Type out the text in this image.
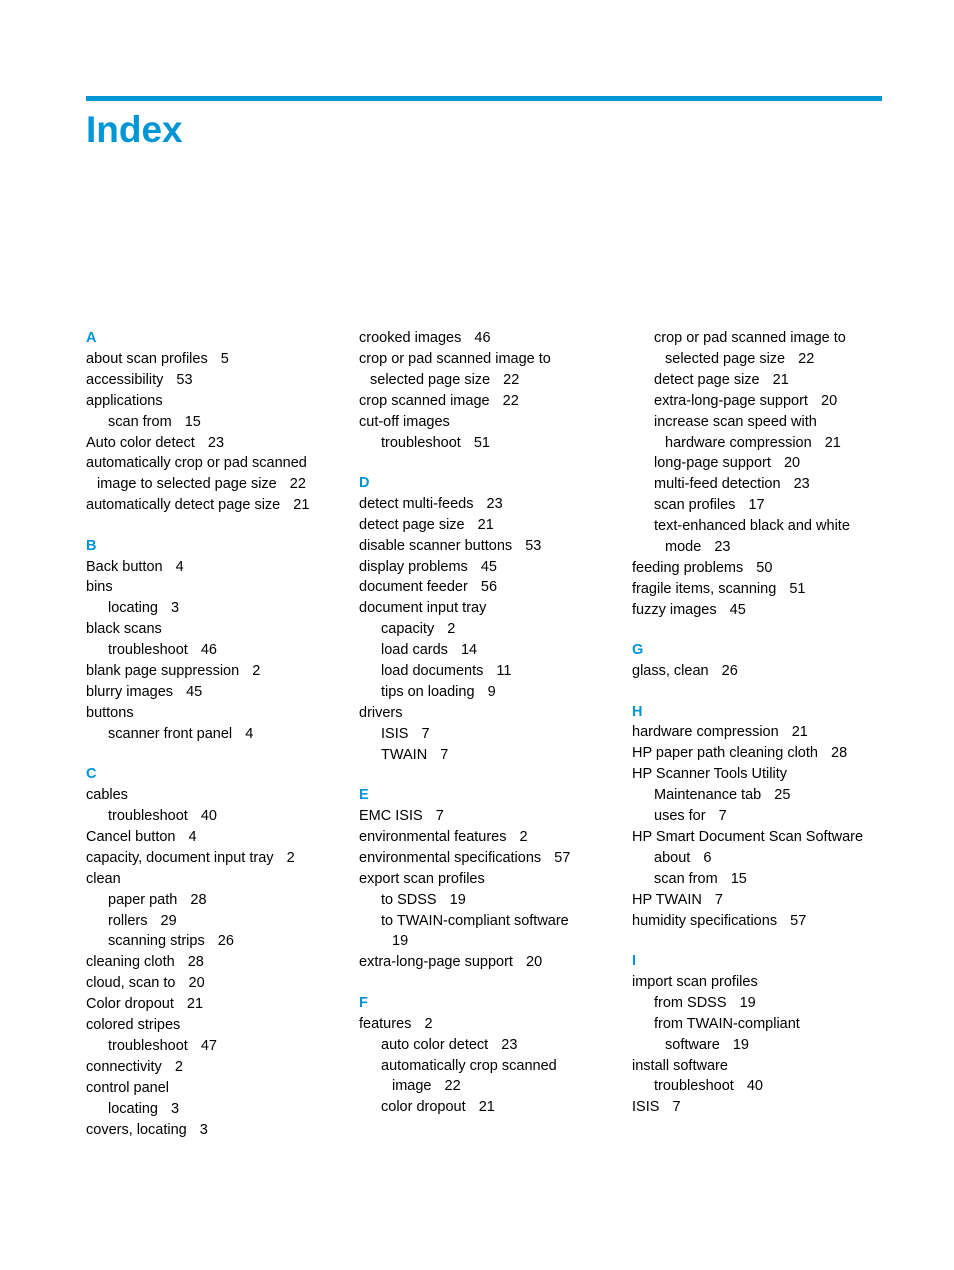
Index
A
about scan profiles 5
accessibility 53
applications
scan from 15
Auto color detect 23
automatically crop or pad scanned
image to selected page size 22
automatically detect page size 21
B
Back button 4
bins
locating 3
black scans
troubleshoot 46
blank page suppression 2
blurry images 45
buttons
scanner front panel 4
C
cables
troubleshoot 40
Cancel button 4
capacity, document input tray 2
clean
paper path 28
rollers 29
scanning strips 26
cleaning cloth 28
cloud, scan to 20
Color dropout 21
colored stripes
troubleshoot 47
connectivity 2
control panel
locating 3
covers, locating 3
crooked images 46
crop or pad scanned image to
selected page size 22
crop scanned image 22
cut-off images
troubleshoot 51
D
detect multi-feeds 23
detect page size 21
disable scanner buttons 53
display problems 45
document feeder 56
document input tray
capacity 2
load cards 14
load documents 11
tips on loading 9
drivers
ISIS 7
TWAIN 7
E
EMC ISIS 7
environmental features 2
environmental specifications 57
export scan profiles
to SDSS 19
to TWAIN-compliant software
19
extra-long-page support 20
F
features 2
auto color detect 23
automatically crop scanned
image 22
color dropout 21
crop or pad scanned image to
selected page size 22
detect page size 21
extra-long-page support 20
increase scan speed with
hardware compression 21
long-page support 20
multi-feed detection 23
scan profiles 17
text-enhanced black and white
mode 23
feeding problems 50
fragile items, scanning 51
fuzzy images 45
G
glass, clean 26
H
hardware compression 21
HP paper path cleaning cloth 28
HP Scanner Tools Utility
Maintenance tab 25
uses for 7
HP Smart Document Scan Software
about 6
scan from 15
HP TWAIN 7
humidity specifications 57
I
import scan profiles
from SDSS 19
from TWAIN-compliant
software 19
install software
troubleshoot 40
ISIS 7
